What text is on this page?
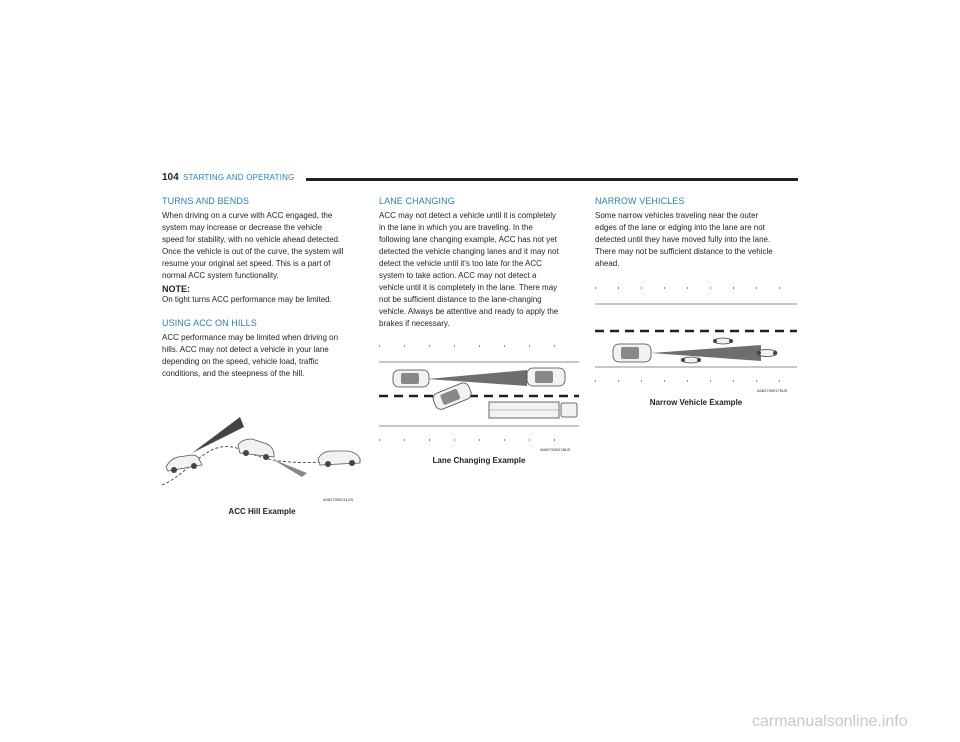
104 STARTING AND OPERATING
TURNS AND BENDS
When driving on a curve with ACC engaged, the
system may increase or decrease the vehicle
speed for stability, with no vehicle ahead detected.
Once the vehicle is out of the curve, the system will
resume your original set speed. This is a part of
normal ACC system functionality.
NOTE:
On tight turns ACC performance may be limited.
USING ACC ON HILLS
ACC performance may be limited when driving on
hills. ACC may not detect a vehicle in your lane
depending on the speed, vehicle load, traffic
conditions, and the steepness of the hill.
A0627000211US
ACC Hill Example
LANE CHANGING
ACC may not detect a vehicle until it is completely
in the lane in which you are traveling. In the
following lane changing example, ACC has not yet
detected the vehicle changing lanes and it may not
detect the vehicle until it's too late for the ACC
system to take action. ACC may not detect a
vehicle until it is completely in the lane. There may
not be sufficient distance to the lane-changing
vehicle. Always be attentive and ready to apply the
brakes if necessary.
A0627000178US
Lane Changing Example
NARROW VEHICLES
Some narrow vehicles traveling near the outer
edges of the lane or edging into the lane are not
detected until they have moved fully into the lane.
There may not be sufficient distance to the vehicle
ahead.
A0627000179US
Narrow Vehicle Example
carmanualsonline.info
